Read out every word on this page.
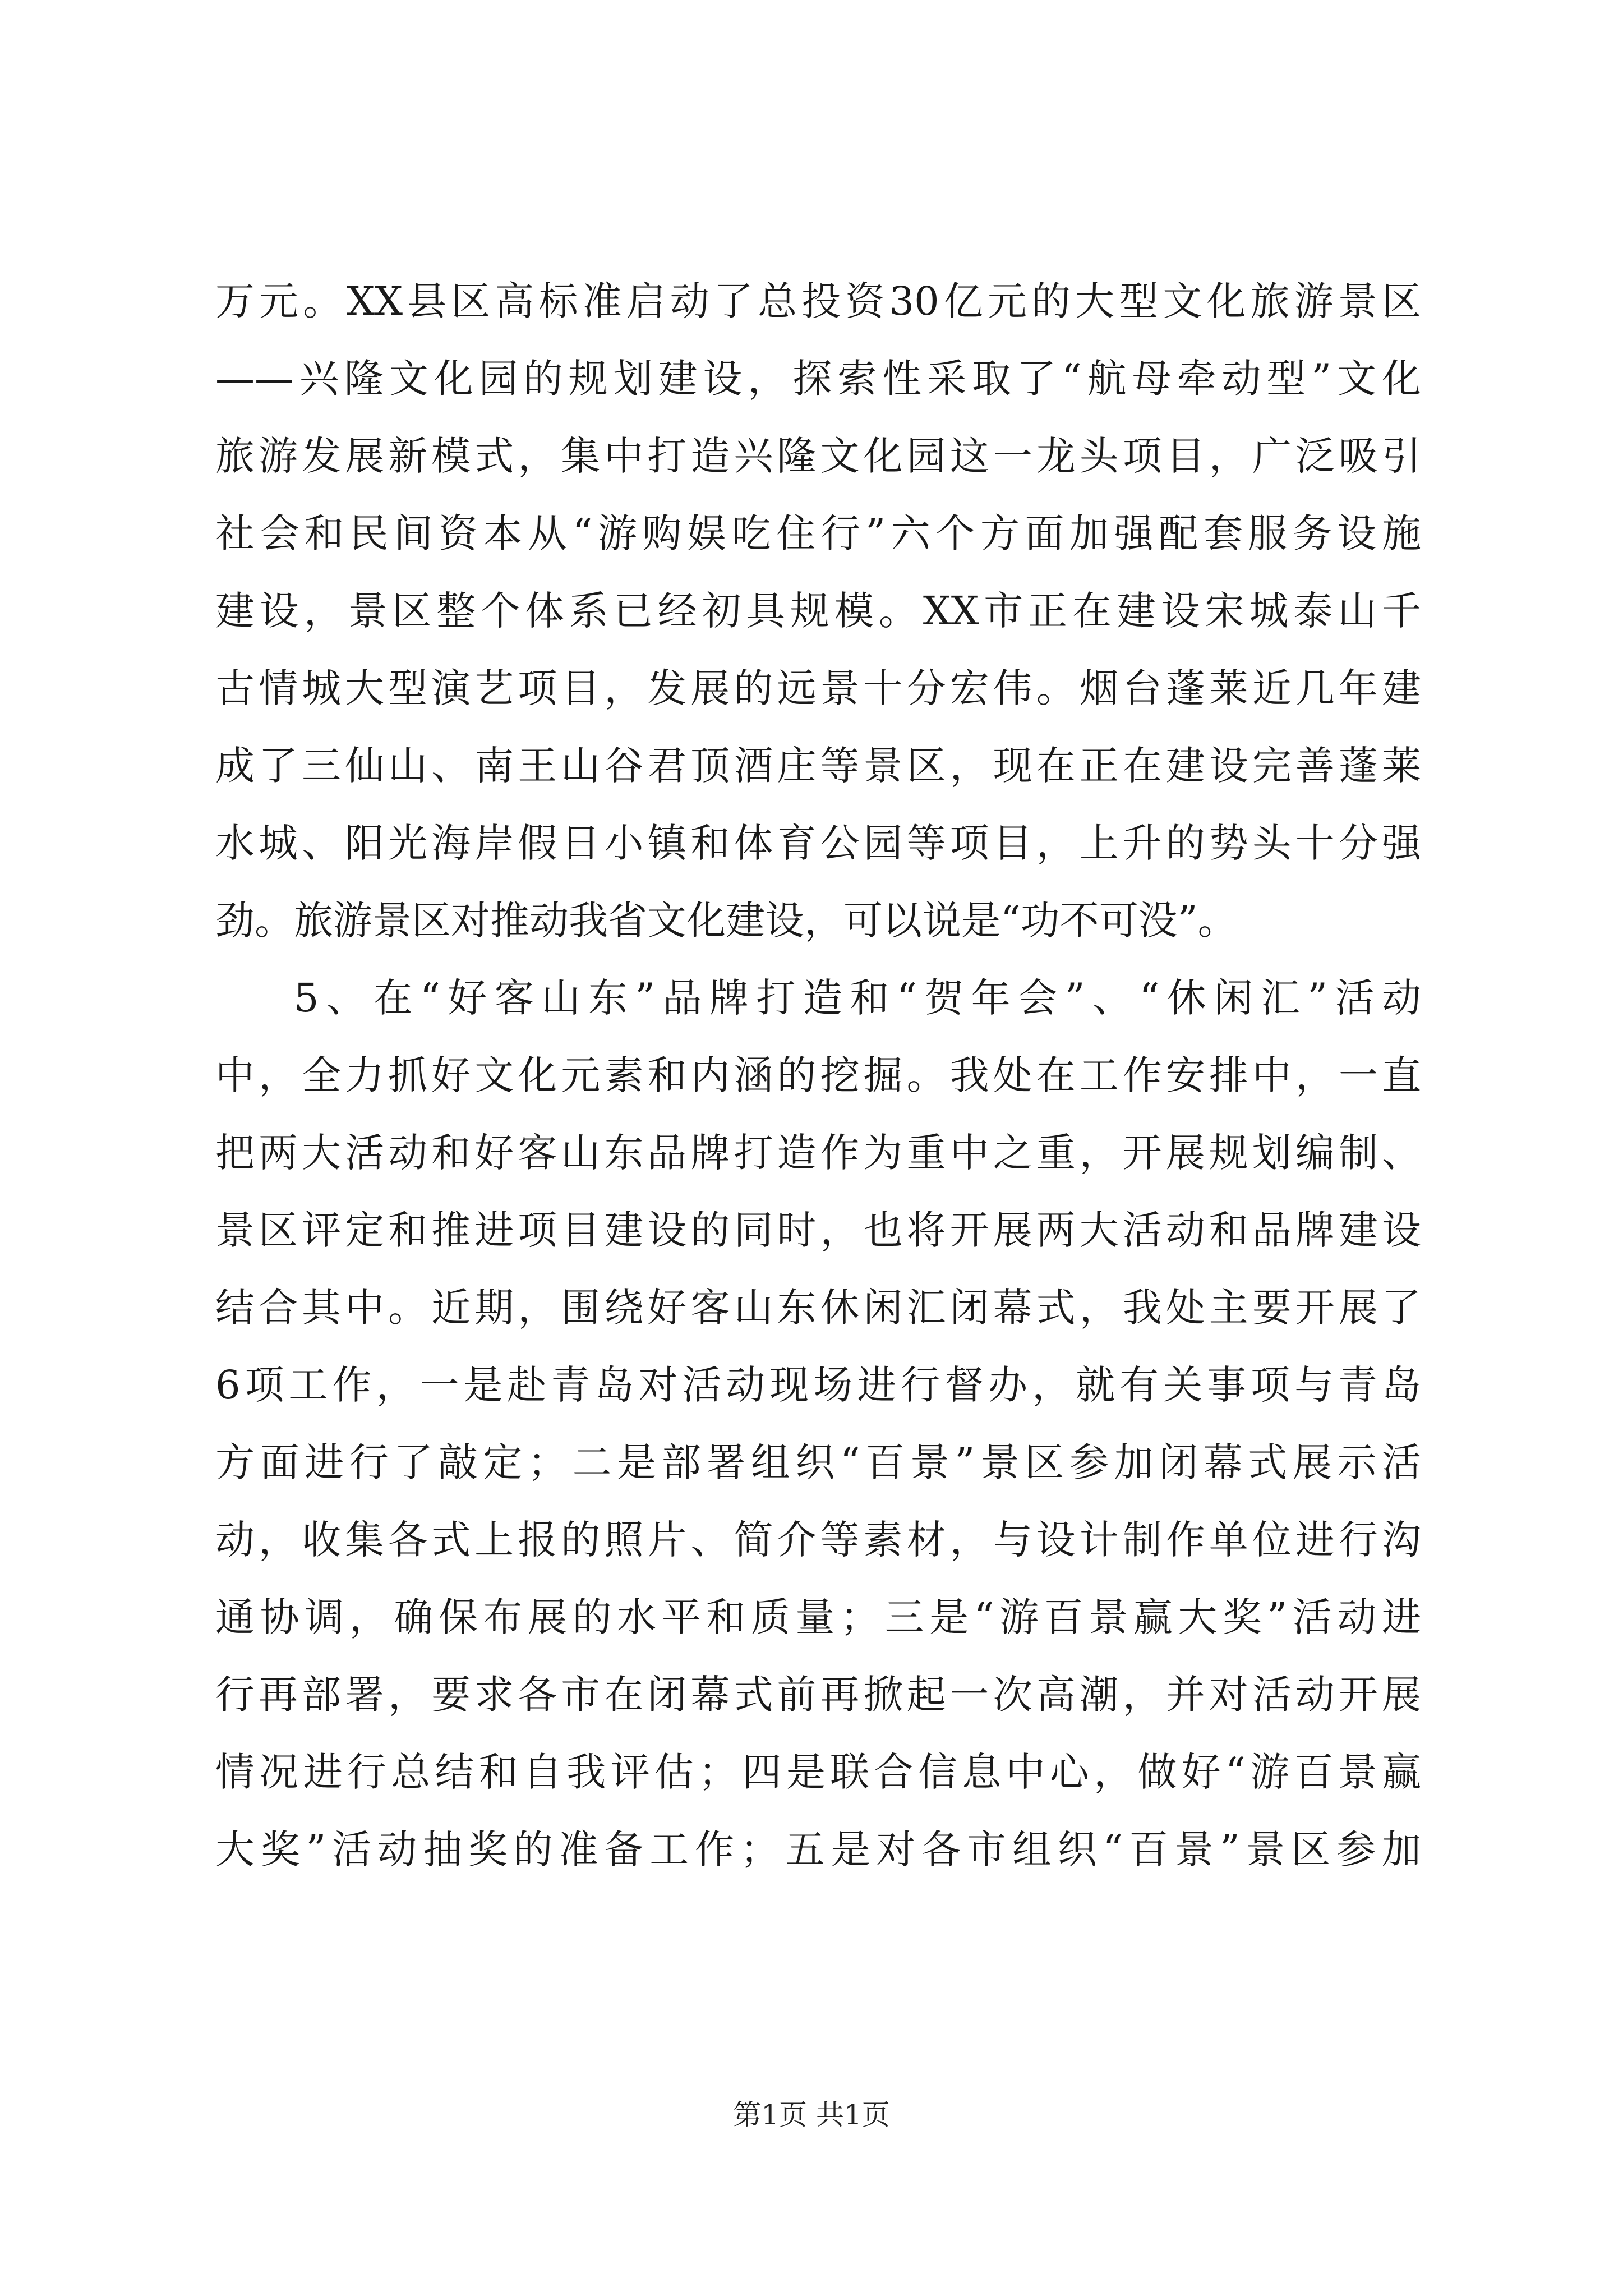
万元。XX县区高标准启动了总投资30亿元的大型文化旅游景区
——兴隆文化园的规划建设，探索性采取了“航母牵动型”文化
旅游发展新模式，集中打造兴隆文化园这一龙头项目，广泛吸引
社会和民间资本从“游购娱吃住行”六个方面加强配套服务设施
建设，景区整个体系已经初具规模。XX市正在建设宋城泰山千
古情城大型演艺项目，发展的远景十分宏伟。烟台蓬莱近几年建
成了三仙山、南王山谷君顶酒庄等景区，现在正在建设完善蓬莱
水城、阳光海岸假日小镇和体育公园等项目，上升的势头十分强
劲。旅游景区对推动我省文化建设，可以说是“功不可没”。
5、在“好客山东”品牌打造和“贺年会”、“休闲汇”活动
中，全力抓好文化元素和内涵的挖掘。我处在工作安排中，一直
把两大活动和好客山东品牌打造作为重中之重，开展规划编制、
景区评定和推进项目建设的同时，也将开展两大活动和品牌建设
结合其中。近期，围绕好客山东休闲汇闭幕式，我处主要开展了
6项工作，一是赴青岛对活动现场进行督办，就有关事项与青岛
方面进行了敲定；二是部署组织“百景”景区参加闭幕式展示活
动，收集各式上报的照片、简介等素材，与设计制作单位进行沟
通协调，确保布展的水平和质量；三是“游百景赢大奖”活动进
行再部署，要求各市在闭幕式前再掀起一次高潮，并对活动开展
情况进行总结和自我评估；四是联合信息中心，做好“游百景赢
大奖”活动抽奖的准备工作；五是对各市组织“百景”景区参加
第1页 共1页
